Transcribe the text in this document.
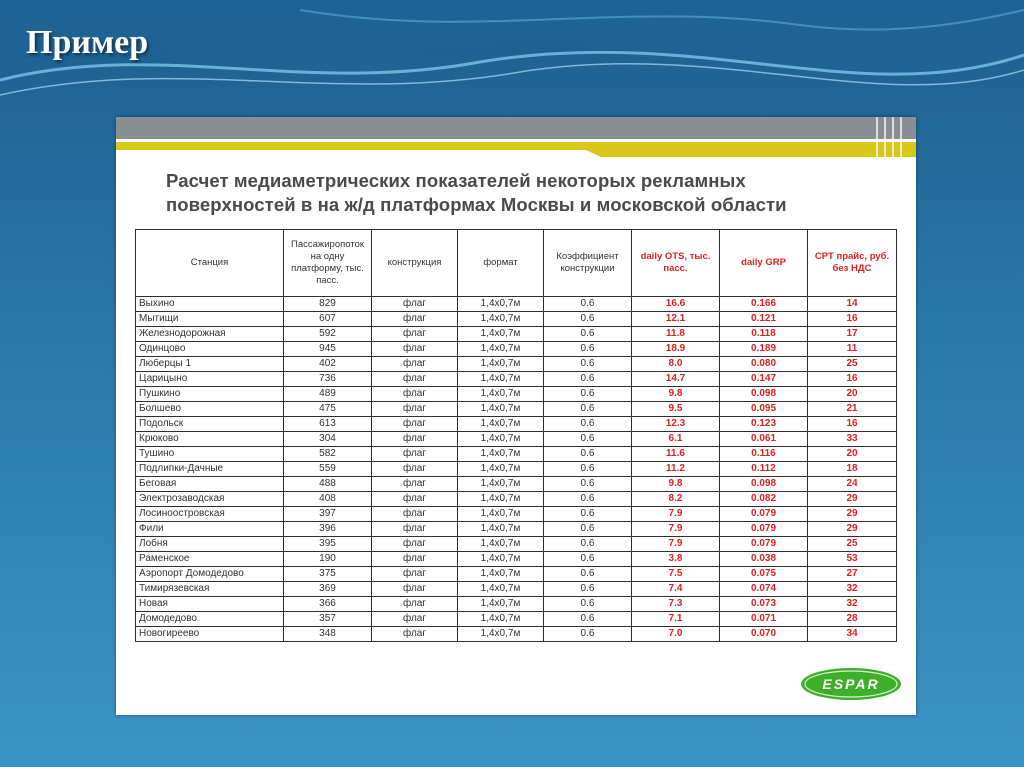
Пример
Расчет медиаметрических показателей некоторых рекламных
поверхностей в на ж/д платформах Москвы и московской области
Станция	Пассажиропоток на одну платформу, тыс. пасс.	конструкция	формат	Коэффициент конструкции	daily OTS, тыс. пасс.	daily GRP	CPT прайс, руб. без НДС
Выхино	829	флаг	1,4x0,7м	0.6	16.6	0.166	14
Мытищи	607	флаг	1,4x0,7м	0.6	12.1	0.121	16
Железнодорожная	592	флаг	1,4x0,7м	0.6	11.8	0.118	17
Одинцово	945	флаг	1,4x0,7м	0.6	18.9	0.189	11
Люберцы 1	402	флаг	1,4x0,7м	0.6	8.0	0.080	25
Царицыно	736	флаг	1,4x0,7м	0.6	14.7	0.147	16
Пушкино	489	флаг	1,4x0,7м	0.6	9.8	0.098	20
Болшево	475	флаг	1,4x0,7м	0.6	9.5	0.095	21
Подольск	613	флаг	1,4x0,7м	0.6	12.3	0.123	16
Крюково	304	флаг	1,4x0,7м	0.6	6.1	0.061	33
Тушино	582	флаг	1,4x0,7м	0.6	11.6	0.116	20
Подлипки-Дачные	559	флаг	1,4x0,7м	0.6	11.2	0.112	18
Беговая	488	флаг	1,4x0,7м	0.6	9.8	0.098	24
Электрозаводская	408	флаг	1,4x0,7м	0.6	8.2	0.082	29
Лосиноостровская	397	флаг	1,4x0,7м	0.6	7.9	0.079	29
Фили	396	флаг	1,4x0,7м	0.6	7.9	0.079	29
Лобня	395	флаг	1,4x0,7м	0.6	7.9	0.079	25
Раменское	190	флаг	1,4x0,7м	0.6	3.8	0.038	53
Аэропорт Домодедово	375	флаг	1,4x0,7м	0.6	7.5	0.075	27
Тимирязевская	369	флаг	1,4x0,7м	0.6	7.4	0.074	32
Новая	366	флаг	1,4x0,7м	0.6	7.3	0.073	32
Домодедово	357	флаг	1,4x0,7м	0.6	7.1	0.071	28
Новогиреево	348	флаг	1,4x0,7м	0.6	7.0	0.070	34
ESPAR
